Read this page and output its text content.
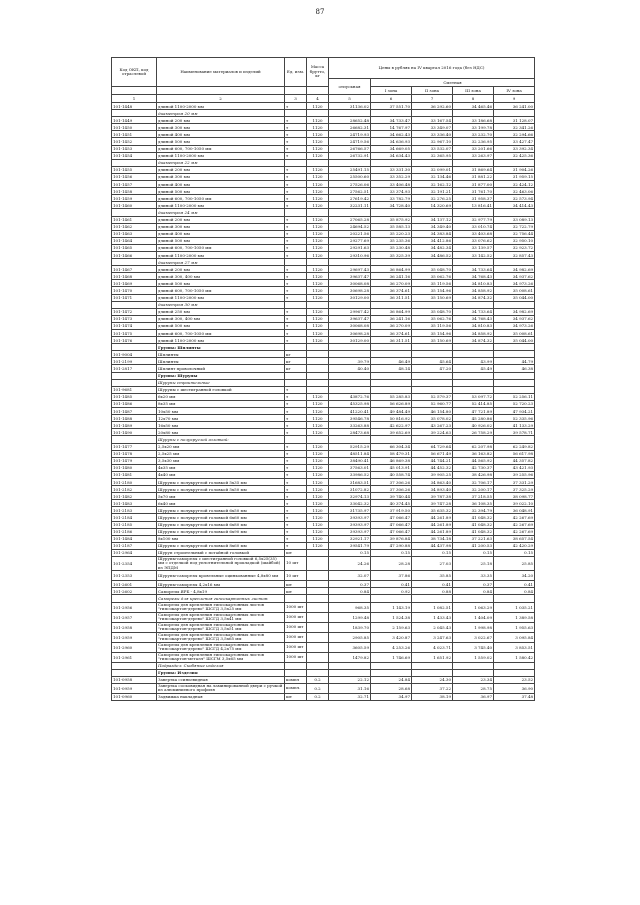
87
Код ОКП, код отраслевой	Наименование материалов и изделий	Ед. изм.	Масса брутто, кг	Цены в рублях на IV квартал 2016 года (без НДС)				
				отпускная	Сметная			
					I зона	II зона	III зона	IV зона
1	2	3	4	5	6	7	8	9
101-1448	длиной 1100-2000 мм	т	1120	31136.02	37 551.70	36 292.60	34 465.46	36 241.00
	диаметром 20 мм							
101-1449	длиной 200 мм	т	1120	28652.48	34 733.47	33 167.54	33 186.68	31 128.07
101-1450	длиной 300 мм	т	1120	26682.31	14 767.97	33 349.07	33 199.78	32 341.26
101-1451	длиной 400 мм	т	1120	24719.93	34 662.43	33 336.40	33 232.70	32 294.66
101-1452	длиной 500 мм	т	1120	24719.56	34 636.93	32 967.10	32 236.95	33 427.47
101-1453	длиной 600, 700-1050 мм	т	1120	26766.57	34 669.05	33 532.07	33 201.66	33 392.34
101-1454	длиной 1100-2000 мм	т	1120	26732.91	34 634.43	32 365.95	33 263.97	32 425.36
	диаметром 22 мм							
101-1455	длиной 200 мм	т	1120	25491.15	33 331.30	32 099.01	31 869.64	31 904.26
101-1456	длиной 300 мм	т	1120	25500.60	33 352.29	32 134.46	31 881.22	31 959.15
101-1457	длиной 400 мм	т	1120	27526.06	33 406.48	32 162.12	31 877.00	32 424.12
101-1458	длиной 500 мм	т	1120	27562.51	33 374.93	32 191.21	31 761.70	32 463.06
101-1459	длиной 600, 700-1050 мм	т	1120	27619.42	33 782.79	32 276.25	31 958.37	32 573.94
101-1460	длиной 1100-2000 мм	т	1120	32231.11	34 728.40	14 320.69	13 816.41	34 414.43
	диаметром 24 мм							
101-1461	длиной 200 мм	т	1120	27065.28	35 875.92	34 137.12	32 977.79	33 089.13
101-1462	длиной 300 мм	т	1120	24694.52	35 585.13	34 349.40	33 010.74	32 722.79
101-1463	длиной 400 мм	т	1120	20221.56	35 220.23	34 383.84	33 403.68	32 756.44
101-1464	длиной 500 мм	т	1120	29277.69	35 235.36	34 412.86	33 076.62	32 950.10
101-1465	длиной 600, 700-1050 мм	т	1120	29291.63	35 230.48	34 482.34	33 139.57	32 923.72
101-1466	длиной 1100-2000 мм	т	1120	29310.96	35 325.39	34 486.52	33 142.52	32 857.43
	диаметром 27 мм							
101-1467	длиной 200 мм	т	1120	29697.43	36 864.99	35 048.70	34 733.64	34 982.69
101-1468	длиной 300, 400 мм	т	1120	39637.47	36 241.16	35 062.76	34 768.43	34 937.62
101-1469	длиной 500 мм	т	1120	30068.08	36 270.09	35 119.56	34 810.83	34 973.26
101-1470	длиной 600, 700-1050 мм	т	1120	30698.28	36 374.61	35 154.96	34 858.92	35 008.61
101-1471	длиной 1100-2000 мм	т	1120	30129.00	36 311.51	35 150.69	34 874.32	35 044.00
	диаметром 30 мм							
101-1472	длиной 250 мм	т	1120	29967.42	36 864.99	35 048.70	34 733.64	34 982.69
101-1473	длиной 300, 400 мм	т	1120	39637.47	36 241.16	35 062.76	34 768.43	34 937.62
101-1474	длиной 500 мм	т	1120	30068.08	36 270.09	35 119.56	34 810.83	34 973.26
101-1475	длиной 600, 700-1050 мм	т	1120	30698.28	36 374.61	35 154.96	34 858.92	35 008.61
101-1476	длиной 1100-2000 мм	т	1120	30129.00	36 311.51	35 150.69	34 874.32	35 044.00
	Группа: Шплинты							
101-9004	Шплинты	кг						
101-2199	Шплинты	кг		39.79	46.49	45.64	43.99	44.79
101-2817	Шплинт проволочный	кг		40.40	48.14	47.20	45.49	46.38
	Группа: Шурупы							
	Шурупы строительные							
101-9681	Шурупы с шестигранной головкой	т						
101-1485	6х20 мм	т	1120	43872.76	55 285.83	52 579.37	53 097.72	52 256.11
101-1486	8х35 мм	т	1120	45325.98	56 626.89	52 960.77	52 414.85	52 720.23
101-1487	10х50 мм	т	1120	41220.41	49 484.49	46 154.80	47 721.89	47 934.21
101-1488	12х70 мм	т	1120	39546.78	50 816.92	35 078.02	45 280.86	52 335.96
101-1489	16х50 мм	т	1120	33263.88	42 622.97	43 267.23	40 926.02	41 133.29
101-1490	20х80 мм	т	1120	28473.68	39 652.69	39 224.63	26 758.29	39 578.71
	Шурупы с полукруглой головкой:							
101-1477	2,5х20 мм	т	1120	52915.29	66 304.34	64 729.64	62 207.98	62 249.82
101-1478	2,5х25 мм	т	1120	48511.84	58 479.31	56 671.49	36 163.82	56 617.98
101-1479	3,5х30 мм	т	1120	38490.41	46 869.38	44 744.21	44 565.92	44 357.82
101-1480	4х35 мм	т	1120	37563.01	45 013.91	44 452.32	42 730.37	43 421.93
101-1481	4х40 мм	т	1120	33986.52	40 558.74	39 905.25	38 426.98	39 255.96
101-2180	Шурупы с полукруглой головкой 5х35 мм	т	1120	31683.51	37 306.26	34 863.40	32 706.17	37 331.29
101-2182	Шурупы с полукруглой головкой 5х50 мм	т	1120	31072.82	37 306.26	34 893.40	32 200.17	37 325.29
101-1482	5х70 мм	т	1120	32974.13	39 740.44	39 787.38	37 218.55	38 098.77
101-1483	6х40 мм	т	1120	33042.32	40 374.45	39 747.28	36 108.35	39 022.10
101-2183	Шурупы с полукруглой головкой 6х50 мм	т	1120	31735.97	37 919.50	35 635.32	32 394.79	36 048.91
101-2184	Шурупы с полукруглой головкой 6х60 мм	т	1120	39393.97	47 066.47	44 261.89	41 048.32	42 267.69
101-2185	Шурупы с полукруглой головкой 6х80 мм	т	1120	39393.97	47 066.47	44 261.89	41 048.32	42 267.69
101-2186	Шурупы с полукруглой головкой 6х90 мм	т	1120	39393.97	47 066.47	44 261.89	41 048.32	42 267.69
101-1484	8х100 мм	т	1120	32921.17	39 876.84	38 734.18	37 221.63	38 657.54
101-2187	Шурупы с полукруглой головкой 8х60 мм	т	1120	39541.79	47 290.88	44 437.98	41 200.53	42 420.29
101-2964	Шуруп строительный с потайной головкой	шт		0.15	0.15	0.15	0.15	0.15
101-2354	Шурупы-саморезы с шестигранной головкой 6,5х25(35) мм с отделкой под уплотнительной прокладкой (шайбой) из ЭПДМ	10 шт		24.26	28.28	27.03	25.18	25.85
101-2353	Шурупы-саморезы кровельные оцинкованные 4,8х80 мм	10 шт		32.07	37.86	35.85	33.35	34.20
101-2601	Шурупы-саморезы 4,2х16 мм	шт		0.37	0.41	0.41	0.37	0.41
101-2602	Саморезы ЯРБ - 4,8х19	шт		0.84	0.92	0.88	0.84	0.84
	Саморезы для крепления гипсокартонных листов:							
101-2956	Саморезы для крепления гипсокартонных листов "гипсокартон-дерево" ШСГД 3,5х25 мм	1000 шт		968.35	1 143.19	1 082.51	1 063.29	1 035.21
101-2957	Саморезы для крепления гипсокартонных листов "гипсокартон-дерево" ШСГД 3,5х41 мм	1000 шт		1299.48	1 524.38	1 433.43	1 404.09	1 389.58
101-2958	Саморезы для крепления гипсокартонных листов "гипсокартон-дерево" ШСГД 3,5х51 мм	1000 шт		1839.70	2 159.63	2 045.43	1 998.98	1 955.63
101-2959	Саморезы для крепления гипсокартонных листов "гипсокартон-дерево" ШСГД 3,5х65 мм	1000 шт		2905.85	3 420.87	3 247.63	3 022.67	3 095.84
101-2960	Саморезы для крепления гипсокартонных листов "гипсокартон-дерево" ШСГД 4,2х75 мм	1000 шт		3605.59	4 253.26	4 023.71	3 745.40	3 853.51
101-2961	Саморезы для крепления гипсокартонных листов "гипсокартон-металл" ШСГМ 3,5х65 мм	1000 шт		1479.82	1 746.69	1 651.92	1 559.02	1 580.42
	Подраздел: Скобяные изделия							
	Группа: Изделия							
101-0958	Завертка ссиньевидная	компл	0.2	22.12	24.84	24.30	23.34	23.52
101-0959	Завертка сосковидная на ламинированной двери с ручкой из алюминиевого профиля	компл.	0.2	31.16	28.68	37.22	28.75	36.90
101-0960	Задвижка накладная	шт	0.2	32.71	34.97	38.19	36.97	37.48
